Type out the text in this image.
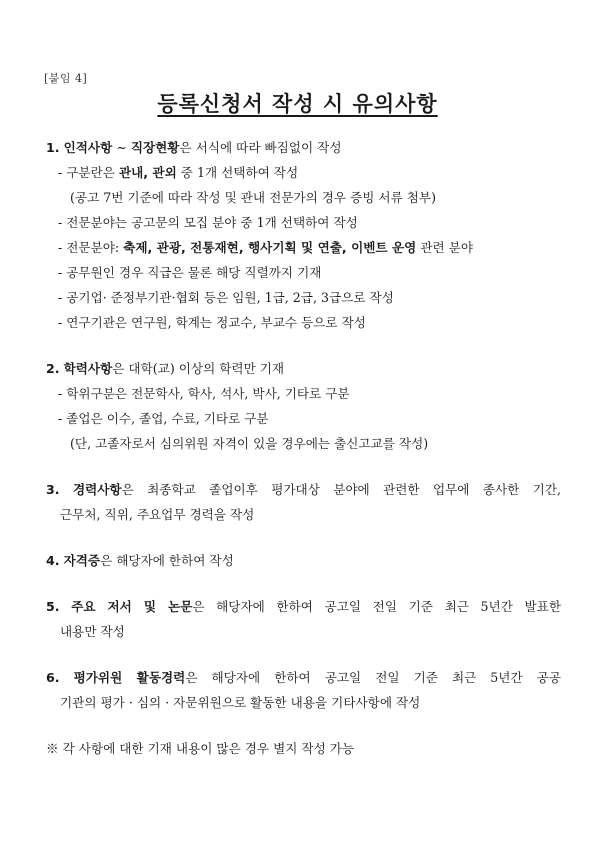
[붙임 4]
등록신청서 작성 시 유의사항
1. 인적사항 ~ 직장현황은 서식에 따라 빠짐없이 작성
- 구분란은 관내, 관외 중 1개 선택하여 작성
(공고 7번 기준에 따라 작성 및 관내 전문가의 경우 증빙 서류 첨부)
- 전문분야는 공고문의 모집 분야 중 1개 선택하여 작성
- 전문분야: 축제, 관광, 전통재현, 행사기획 및 연출, 이벤트 운영 관련 분야
- 공무원인 경우 직급은 물론 해당 직렬까지 기재
- 공기업· 준정부기관·협회 등은 임원, 1급, 2급, 3급으로 작성
- 연구기관은 연구원, 학계는 정교수, 부교수 등으로 작성
2. 학력사항은 대학(교) 이상의 학력만 기재
- 학위구분은 전문학사, 학사, 석사, 박사, 기타로 구분
- 졸업은 이수, 졸업, 수료, 기타로 구분
(단, 고졸자로서 심의위원 자격이 있을 경우에는 출신고교를 작성)
3. 경력사항은 최종학교 졸업이후 평가대상 분야에 관련한 업무에 종사한 기간,
근무처, 직위, 주요업무 경력을 작성
4. 자격증은 해당자에 한하여 작성
5. 주요 저서 및 논문은 해당자에 한하여 공고일 전일 기준 최근 5년간 발표한
내용만 작성
6. 평가위원 활동경력은 해당자에 한하여 공고일 전일 기준 최근 5년간 공공
기관의 평가 · 심의 · 자문위원으로 활동한 내용을 기타사항에 작성
※ 각 사항에 대한 기재 내용이 많은 경우 별지 작성 가능
